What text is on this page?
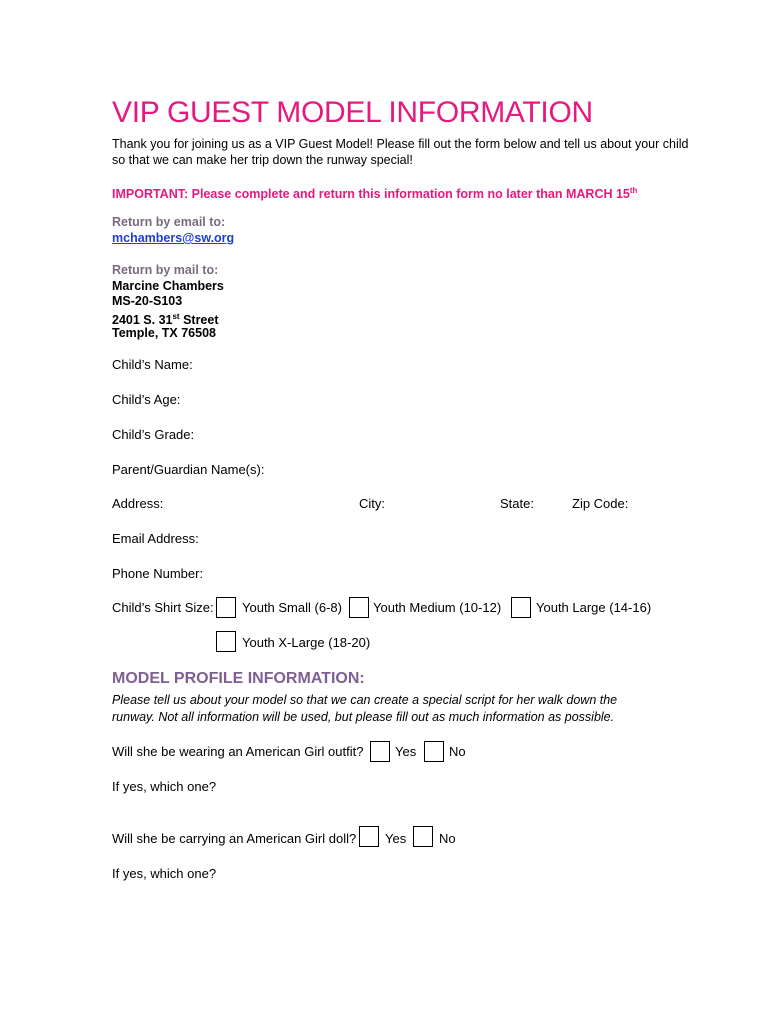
VIP GUEST MODEL INFORMATION
Thank you for joining us as a VIP Guest Model! Please fill out the form below and tell us about your child
so that we can make her trip down the runway special!
IMPORTANT: Please complete and return this information form no later than MARCH 15th
Return by email to:
mchambers@sw.org
Return by mail to:
Marcine Chambers
MS-20-S103
2401 S. 31st Street
Temple, TX 76508
Child’s Name:
Child’s Age:
Child’s Grade:
Parent/Guardian Name(s):
Address:	City:	State:	Zip Code:
Email Address:
Phone Number:
Child’s Shirt Size: Youth Small (6-8) Youth Medium (10-12)	Youth Large (14-16)
Youth X-Large (18-20)
MODEL PROFILE INFORMATION:
Please tell us about your model so that we can create a special script for her walk down the
runway. Not all information will be used, but please fill out as much information as possible.
Will she be wearing an American Girl outfit? Yes	No
If yes, which one?
Will she be carrying an American Girl doll? Yes	No
If yes, which one?
